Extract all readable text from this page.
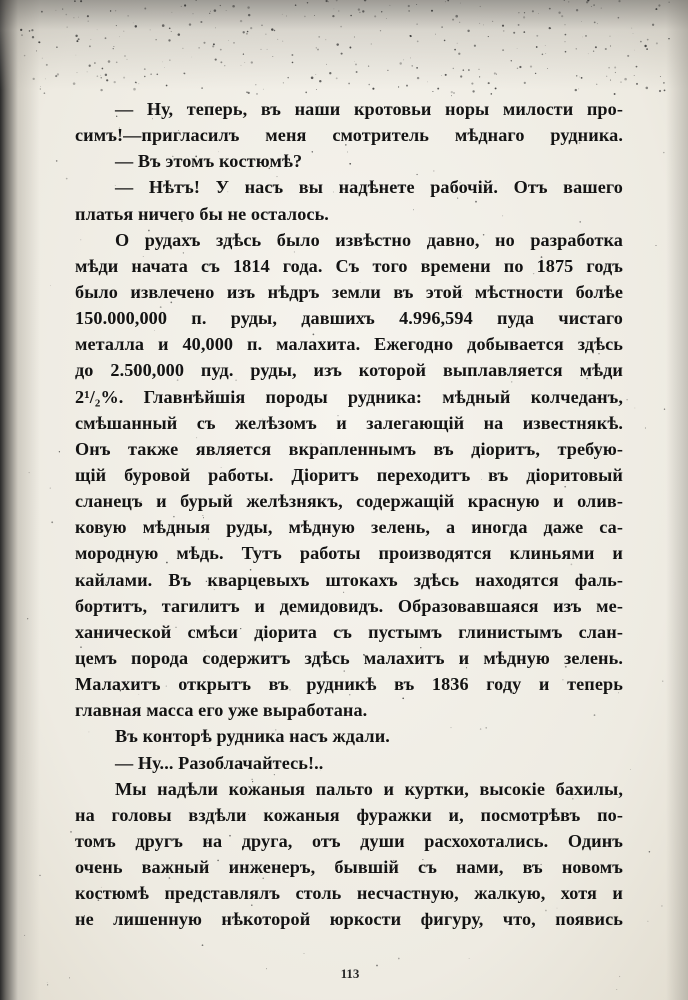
— Ну, теперь, въ наши кротовьи норы милости про-
симъ!—пригласилъ меня смотритель мѣднаго рудника.
— Въ этомъ костюмѣ?
— Нѣтъ! У насъ вы надѣнете рабочій. Отъ вашего
платья ничего бы не осталось.
О рудахъ здѣсь было извѣстно давно, но разработка
мѣди начата съ 1814 года. Съ того времени по 1875 годъ
было извлечено изъ нѣдръ земли въ этой мѣстности болѣе
150.000,000 п. руды, давшихъ 4.996,594 пуда чистаго
металла и 40,000 п. малахита. Ежегодно добывается здѣсь
до 2.500,000 пуд. руды, изъ которой выплавляется мѣди
2¹/₂%. Главнѣйшія породы рудника: мѣдный колчеданъ,
смѣшанный съ желѣзомъ и залегающій на известнякѣ.
Онъ также является вкрапленнымъ въ діоритъ, требую-
щій буровой работы. Діоритъ переходитъ въ діоритовый
сланецъ и бурый желѣзнякъ, содержащій красную и олив-
ковую мѣдныя руды, мѣдную зелень, а иногда даже са-
мородную мѣдь. Тутъ работы производятся клиньями и
кайлами. Въ кварцевыхъ штокахъ здѣсь находятся фаль-
бортитъ, тагилитъ и демидовидъ. Образовавшаяся изъ ме-
ханической смѣси діорита съ пустымъ глинистымъ слан-
цемъ порода содержитъ здѣсь малахитъ и мѣдную зелень.
Малахитъ открытъ въ рудникѣ въ 1836 году и теперь
главная масса его уже выработана.
Въ конторѣ рудника насъ ждали.
— Ну... Разоблачайтесь!..
Мы надѣли кожаныя пальто и куртки, высокіе бахилы,
на головы вздѣли кожаныя фуражки и, посмотрѣвъ по-
томъ другъ на друга, отъ души расхохотались. Одинъ
очень важный инженеръ, бывшій съ нами, въ новомъ
костюмѣ представлялъ столь несчастную, жалкую, хотя и
не лишенную нѣкоторой юркости фигуру, что, появись
113
